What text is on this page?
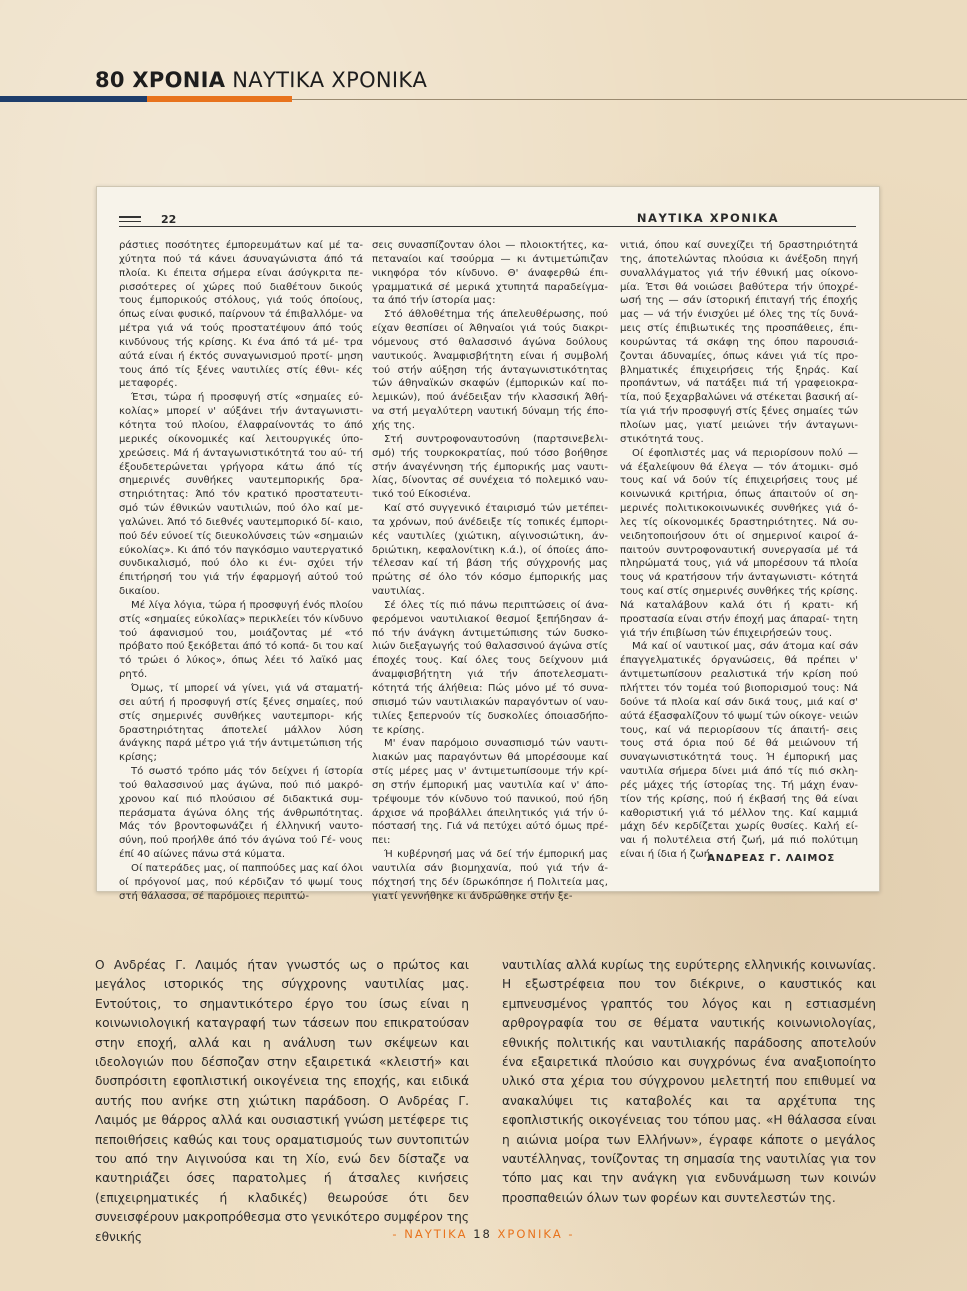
80 ΧΡΟΝΙΑ ΝΑΥΤΙΚΑ ΧΡΟΝΙΚΑ
22	ΝΑΥΤΙΚΑ ΧΡΟΝΙΚΑ

ράστιες ποσότητες έμπορευμάτων καί μέ τα- χύτητα πού τά κάνει άσυναγώνιστα άπό τά πλοία. Κι έπειτα σήμερα είναι άσύγκριτα πε- ρισσότερες οί χώρες πού διαθέτουν δικούς τους έμπορικούς στόλους, γιά τούς όποίους, όπως είναι φυσικό, παίρνουν τά έπιβαλλόμε- να μέτρα γιά νά τούς προστατέψουν άπό τούς κινδύνους τής κρίσης. Κι ένα άπό τά μέ- τρα αύτά είναι ή έκτός συναγωνισμού προτί- μηση τους άπό τίς ξένες ναυτιλίες στίς έθνι- κές μεταφορές.

Έτσι, τώρα ή προσφυγή στίς «σημαίες εύ- κολίας» μπορεί ν' αύξάνει τήν άνταγωνιστι- κότητα τού πλοίου, έλαφραίνοντάς το άπό μερικές οίκονομικές καί λειτουργικές ύπο- χρεώσεις. Μά ή άνταγωνιστικότητά του αύ- τή έξουδετερώνεται γρήγορα κάτω άπό τίς σημερινές συνθήκες ναυτεμπορικής δρα- στηριότητας: Άπό τόν κρατικό προστατευτι- σμό τών έθνικών ναυτιλιών, πού όλο καί με- γαλώνει. Άπό τό διεθνές ναυτεμπορικό δί- καιο, πού δέν εύνοεί τίς διευκολύνσεις τών «σημαιών εύκολίας». Κι άπό τόν παγκόσμιο ναυτεργατικό συνδικαλισμό, πού όλο κι ένι- σχύει τήν έπιτήρησή του γιά τήν έφαρμογή αύτού τού δικαίου.

Μέ λίγα λόγια, τώρα ή προσφυγή ένός πλοίου στίς «σημαίες εύκολίας» περικλείει τόν κίνδυνο τού άφανισμού του, μοιάζοντας μέ «τό πρόβατο πού ξεκόβεται άπό τό κοπά- δι του καί τό τρώει ό λύκος», όπως λέει τό λαϊκό μας ρητό.

Όμως, τί μπορεί νά γίνει, γιά νά σταματή- σει αύτή ή προσφυγή στίς ξένες σημαίες, πού στίς σημερινές συνθήκες ναυτεμπορι- κής δραστηριότητας άποτελεί μάλλον λύση άνάγκης παρά μέτρο γιά τήν άντιμετώπιση τής κρίσης;

Τό σωστό τρόπο μάς τόν δείχνει ή ίστορία τού θαλασσινού μας άγώνα, πού πιό μακρό- χρονου καί πιό πλούσιου σέ διδακτικά συμ- περάσματα άγώνα όλης τής άνθρωπότητας. Μάς τόν βροντοφωνάζει ή έλληνική ναυτο- σύνη, πού προήλθε άπό τόν άγώνα τού Γέ- νους έπί 40 αίώνες πάνω στά κύματα.

Οί πατεράδες μας, οί παππούδες μας καί όλοι οί πρόγονοί μας, πού κέρδιζαν τό ψωμί τους στή θάλασσα, σέ παρόμοιες περιπτώ-

σεις συνασπίζονταν όλοι — πλοιοκτήτες, κα- πεταναίοι καί τσούρμα — κι άντιμετώπιζαν νικηφόρα τόν κίνδυνο. Θ' άναφερθώ έπι- γραμματικά σέ μερικά χτυπητά παραδείγμα- τα άπό τήν ίστορία μας:

Στό άθλοθέτημα τής άπελευθέρωσης, πού είχαν θεσπίσει οί Άθηναίοι γιά τούς διακρι- νόμενους στό θαλασσινό άγώνα δούλους ναυτικούς. Άναμφισβήτητη είναι ή συμβολή τού στήν αύξηση τής άνταγωνιστικότητας τών άθηναϊκών σκαφών (έμπορικών καί πο- λεμικών), πού άνέδειξαν τήν κλασσική Άθή- να στή μεγαλύτερη ναυτική δύναμη τής έπο- χής της.

Στή συντροφοναυτοσύνη (παρτσινεβελι- σμό) τής τουρκοκρατίας, πού τόσο βοήθησε στήν άναγέννηση τής έμπορικής μας ναυτι- λίας, δίνοντας σέ συνέχεια τό πολεμικό ναυ- τικό τού Είκοσιένα.

Καί στό συγγενικό έταιρισμό τών μετέπει- τα χρόνων, πού άνέδειξε τίς τοπικές έμπορι- κές ναυτιλίες (χιώτικη, αίγινοσιώτικη, άν- δριώτικη, κεφαλονίτικη κ.ά.), οί όποίες άπο- τέλεσαν καί τή βάση τής σύγχρονής μας πρώτης σέ όλο τόν κόσμο έμπορικής μας ναυτιλίας.

Σέ όλες τίς πιό πάνω περιπτώσεις οί άνα- φερόμενοι ναυτιλιακοί θεσμοί ξεπήδησαν ά- πό τήν άνάγκη άντιμετώπισης τών δυσκο- λιών διεξαγωγής τού θαλασσινού άγώνα στίς έποχές τους. Καί όλες τους δείχνουν μιά άναμφισβήτητη γιά τήν άποτελεσματι- κότητά τής άλήθεια: Πώς μόνο μέ τό συνα- σπισμό τών ναυτιλιακών παραγόντων οί ναυ- τιλίες ξεπερνούν τίς δυσκολίες όποιασδήπο- τε κρίσης.

Μ' έναν παρόμοιο συνασπισμό τών ναυτι- λιακών μας παραγόντων θά μπορέσουμε καί στίς μέρες μας ν' άντιμετωπίσουμε τήν κρί- ση στήν έμπορική μας ναυτιλία καί ν' άπο- τρέψουμε τόν κίνδυνο τού πανικού, πού ήδη άρχισε νά προβάλλει άπειλητικός γιά τήν ύ- πόστασή της. Γιά νά πετύχει αύτό όμως πρέ- πει:

Ή κυβέρνησή μας νά δεί τήν έμπορική μας ναυτιλία σάν βιομηχανία, πού γιά τήν ά- πόχτησή της δέν ίδρωκόπησε ή Πολιτεία μας, γιατί γεννήθηκε κι άνδρώθηκε στήν ξε-

νιτιά, όπου καί συνεχίζει τή δραστηριότητά της, άποτελώντας πλούσια κι άνέξοδη πηγή συναλλάγματος γιά τήν έθνική μας οίκονο- μία. Έτσι θά νοιώσει βαθύτερα τήν ύποχρέ- ωσή της — σάν ίστορική έπιταγή τής έποχής μας — νά τήν ένισχύει μέ όλες της τίς δυνά- μεις στίς έπιβιωτικές της προσπάθειες, έπι- κουρώντας τά σκάφη της όπου παρουσιά- ζονται άδυναμίες, όπως κάνει γιά τίς προ- βληματικές έπιχειρήσεις τής ξηράς. Καί προπάντων, νά πατάξει πιά τή γραφειοκρα- τία, πού ξεχαρβαλώνει νά στέκεται βασική αί- τία γιά τήν προσφυγή στίς ξένες σημαίες τών πλοίων μας, γιατί μειώνει τήν άνταγωνι- στικότητά τους.

Οί έφοπλιστές μας νά περιορίσουν πολύ — νά έξαλείψουν θά έλεγα — τόν άτομικι- σμό τους καί νά δούν τίς έπιχειρήσεις τους μέ κοινωνικά κριτήρια, όπως άπαιτούν οί ση- μερινές πολιτικοκοινωνικές συνθήκες γιά ό- λες τίς οίκονομικές δραστηριότητες. Νά συ- νειδητοποιήσουν ότι οί σημερινοί καιροί ά- παιτούν συντροφοναυτική συνεργασία μέ τά πληρώματά τους, γιά νά μπορέσουν τά πλοία τους νά κρατήσουν τήν άνταγωνιστι- κότητά τους καί στίς σημερινές συνθήκες τής κρίσης. Νά καταλάβουν καλά ότι ή κρατι- κή προστασία είναι στήν έποχή μας άπαραί- τητη γιά τήν έπιβίωση τών έπιχειρήσεών τους.

Μά καί οί ναυτικοί μας, σάν άτομα καί σάν έπαγγελματικές όργανώσεις, θά πρέπει ν' άντιμετωπίσουν ρεαλιστικά τήν κρίση πού πλήττει τόν τομέα τού βιοπορισμού τους: Νά δούνε τά πλοία καί σάν δικά τους, μιά καί σ' αύτά έξασφαλίζουν τό ψωμί τών οίκογε- νειών τους, καί νά περιορίσουν τίς άπαιτή- σεις τους στά όρια πού δέ θά μειώνουν τή συναγωνιστικότητά τους. Ή έμπορική μας ναυτιλία σήμερα δίνει μιά άπό τίς πιό σκλη- ρές μάχες τής ίστορίας της. Τή μάχη έναν- τίον τής κρίσης, πού ή έκβασή της θά είναι καθοριστική γιά τό μέλλον της. Καί καμμιά μάχη δέν κερδίζεται χωρίς θυσίες. Καλή εί- ναι ή πολυτέλεια στή ζωή, μά πιό πολύτιμη είναι ή ίδια ή ζωή.

ΑΝΔΡΕΑΣ Γ. ΛΑΙΜΟΣ
Ο Ανδρέας Γ. Λαιμός ήταν γνωστός ως ο πρώτος και μεγάλος ιστορικός της σύγχρονης ναυτιλίας μας. Εντούτοις, το σημαντικότερο έργο του ίσως είναι η κοινωνιολογική καταγραφή των τάσεων που επικρατούσαν στην εποχή, αλλά και η ανάλυση των σκέψεων και ιδεολογιών που δέσποζαν στην εξαιρετικά «κλειστή» και δυσπρόσιτη εφοπλιστική οικογένεια της εποχής, και ειδικά αυτής που ανήκε στη χιώτικη παράδοση. Ο Ανδρέας Γ. Λαιμός με θάρρος αλλά και ουσιαστική γνώση μετέφερε τις πεποιθήσεις καθώς και τους οραματισμούς των συντοπιτών του από την Αιγινούσα και τη Χίο, ενώ δεν δίσταζε να καυτηριάζει όσες παρατολμες ή άτσαλες κινήσεις (επιχειρηματικές ή κλαδικές) θεωρούσε ότι δεν συνεισφέρουν μακροπρόθεσμα στο γενικότερο συμφέρον της εθνικής
ναυτιλίας αλλά κυρίως της ευρύτερης ελληνικής κοινωνίας. Η εξωστρέφεια που τον διέκρινε, ο καυστικός και εμπνευσμένος γραπτός του λόγος και η εστιασμένη αρθρογραφία του σε θέματα ναυτικής κοινωνιολογίας, εθνικής πολιτικής και ναυτιλιακής παράδοσης αποτελούν ένα εξαιρετικά πλούσιο και συγχρόνως ένα αναξιοποίητο υλικό στα χέρια του σύγχρονου μελετητή που επιθυμεί να ανακαλύψει τις καταβολές και τα αρχέτυπα της εφοπλιστικής οικογένειας του τόπου μας. «Η θάλασσα είναι η αιώνια μοίρα των Ελλήνων», έγραφε κάποτε ο μεγάλος ναυτέλληνας, τονίζοντας τη σημασία της ναυτιλίας για τον τόπο μας και την ανάγκη για ενδυνάμωση των κοινών προσπαθειών όλων των φορέων και συντελεστών της.
- ΝΑΥΤΙΚΑ 18 ΧΡΟΝΙΚΑ -
